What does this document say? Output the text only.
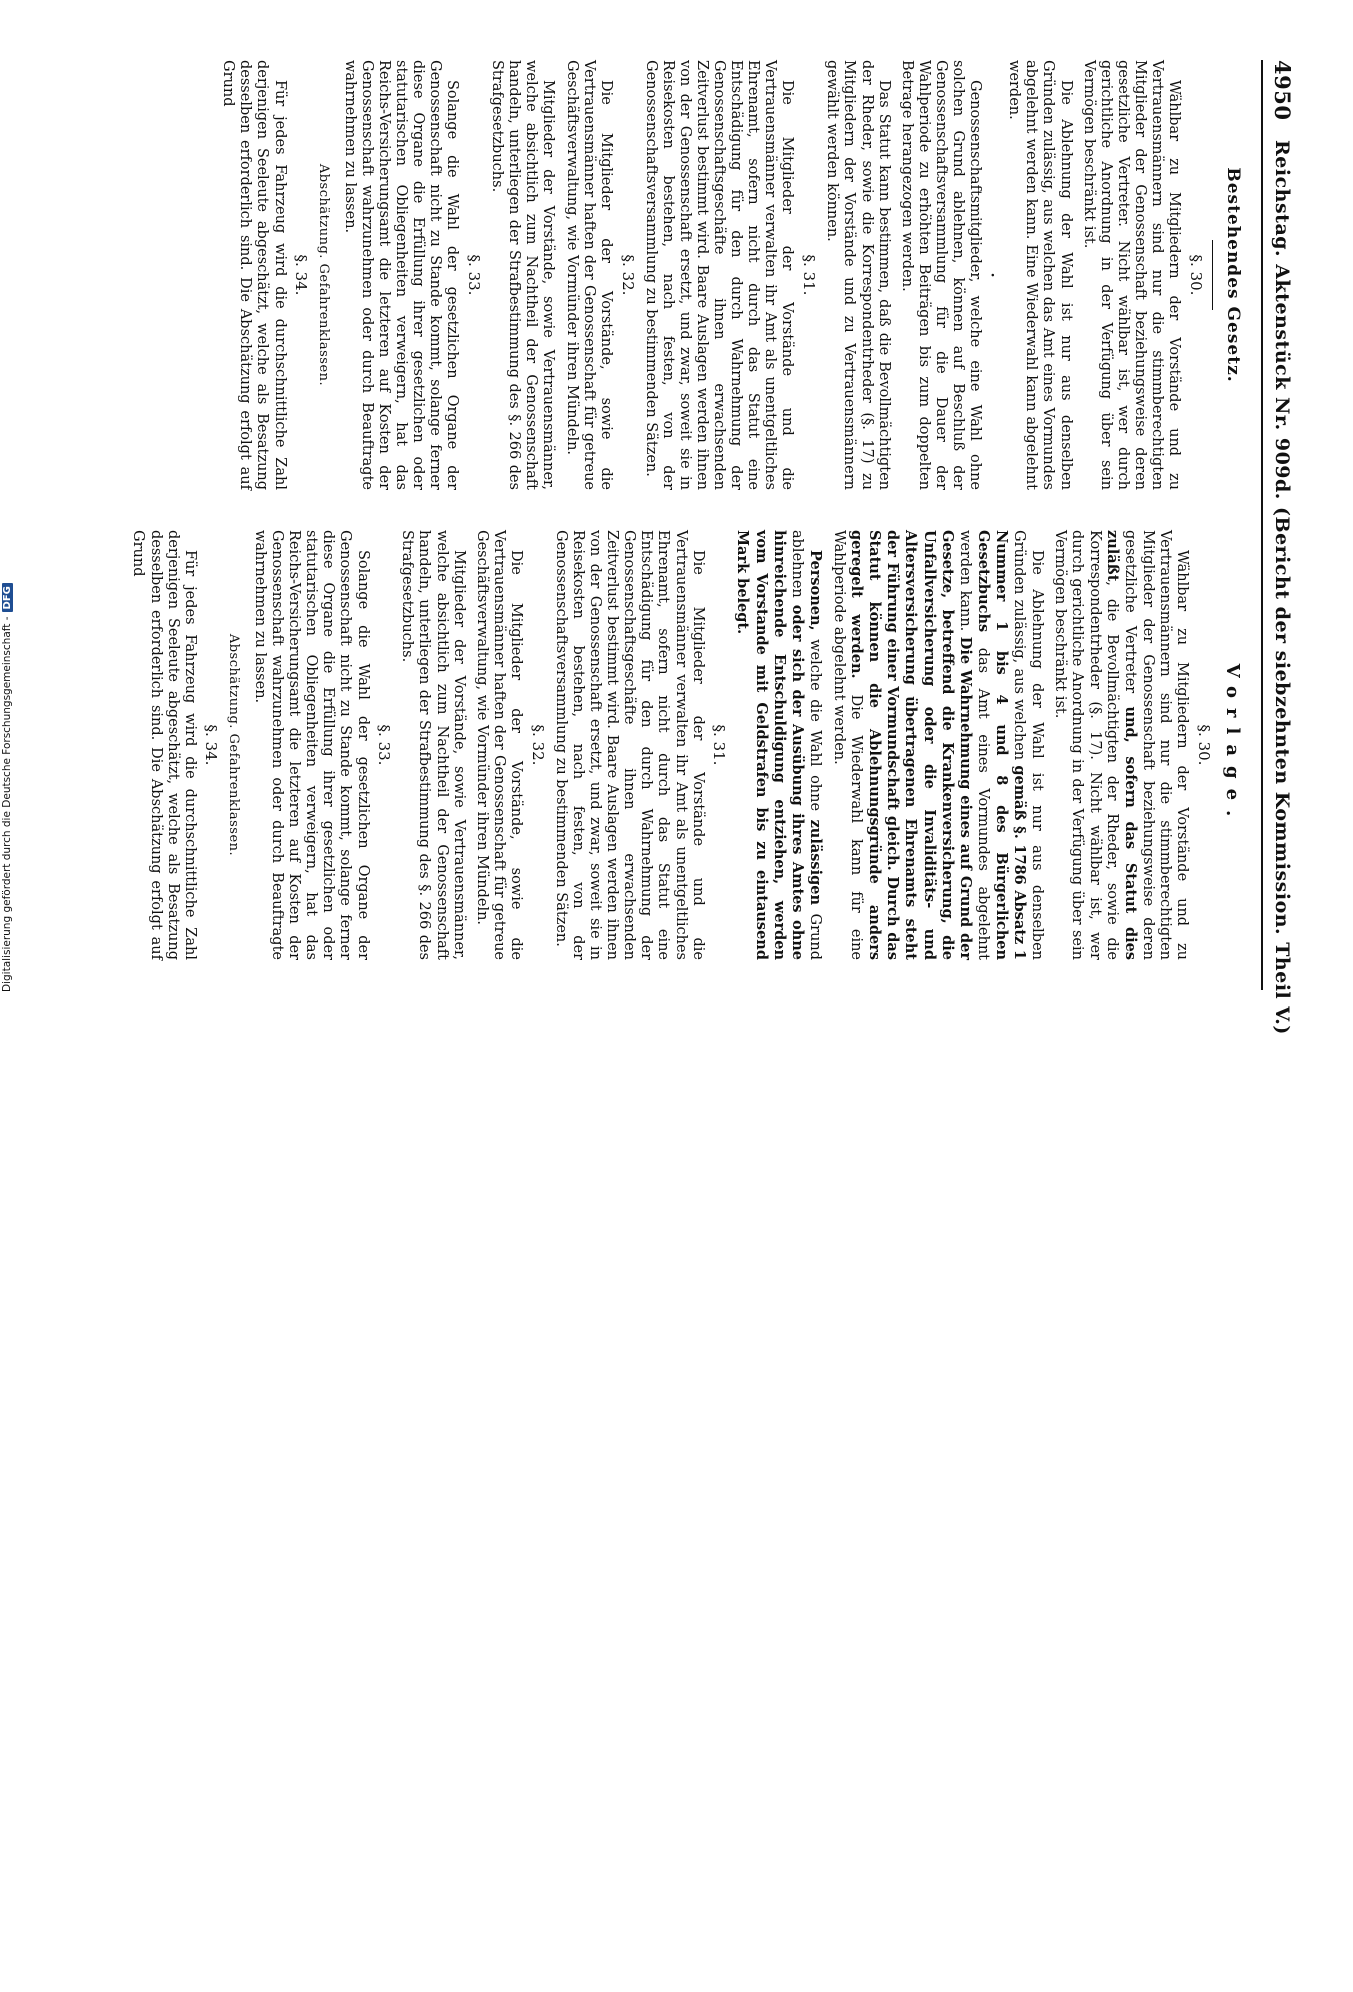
4950
Reichstag. Aktenstück Nr. 909d. (Bericht der siebzehnten Kommission. Theil V.)
Bestehendes Gesetz.
§. 30.

Wählbar zu Mitgliedern der Vorstände und zu Vertrauensmännern sind nur die stimmberechtigten Mitglieder der Genossenschaft beziehungsweise deren gesetzliche Vertreter. Nicht wählbar ist, wer durch gerichtliche Anordnung in der Verfügung über sein Vermögen beschränkt ist.

Die Ablehnung der Wahl ist nur aus denselben Gründen zulässig, aus welchen das Amt eines Vormundes abgelehnt werden kann. Eine Wiederwahl kann abgelehnt werden.

·

Genossenschaftsmitglieder, welche eine Wahl ohne solchen Grund ablehnen, können auf Beschluß der Genossenschaftsversammlung für die Dauer der Wahlperiode zu erhöhten Beiträgen bis zum doppelten Betrage herangezogen werden.

Das Statut kann bestimmen, daß die Bevollmächtigten der Rheder, sowie die Korrespondentrheder (§. 17) zu Mitgliedern der Vorstände und zu Vertrauensmännern gewählt werden können.

§. 31.

Die Mitglieder der Vorstände und die Vertrauensmänner verwalten ihr Amt als unentgeltliches Ehrenamt, sofern nicht durch das Statut eine Entschädigung für den durch Wahrnehmung der Genossenschaftsgeschäfte ihnen erwachsenden Zeitverlust bestimmt wird. Baare Auslagen werden ihnen von der Genossenschaft ersetzt, und zwar, soweit sie in Reisekosten bestehen, nach festen, von der Genossenschaftsversammlung zu bestimmenden Sätzen.

§. 32.

Die Mitglieder der Vorstände, sowie die Vertrauensmänner haften der Genossenschaft für getreue Geschäftsverwaltung, wie Vormünder ihren Mündeln.

Mitglieder der Vorstände, sowie Vertrauensmänner, welche absichtlich zum Nachtheil der Genossenschaft handeln, unterliegen der Strafbestimmung des §. 266 des Strafgesetzbuchs.

§. 33.

Solange die Wahl der gesetzlichen Organe der Genossenschaft nicht zu Stande kommt, solange ferner diese Organe die Erfüllung ihrer gesetzlichen oder statutarischen Obliegenheiten verweigern, hat das Reichs-Versicherungsamt die letzteren auf Kosten der Genossenschaft wahrzunehmen oder durch Beauftragte wahrnehmen zu lassen.

Abschätzung. Gefahrenklassen.
§. 34.

Für jedes Fahrzeug wird die durchschnittliche Zahl derjenigen Seeleute abgeschätzt, welche als Besatzung desselben erforderlich sind. Die Abschätzung erfolgt auf Grund

Vorlage.
§. 30.

Wählbar zu Mitgliedern der Vorstände und zu Vertrauensmännern sind nur die stimmberechtigten Mitglieder der Genossenschaft beziehungsweise deren gesetzliche Vertreter und, sofern das Statut dies zuläßt, die Bevollmächtigten der Rheder, sowie die Korrespondentrheder (§. 17). Nicht wählbar ist, wer durch gerichtliche Anordnung in der Verfügung über sein Vermögen beschränkt ist.

Die Ablehnung der Wahl ist nur aus denselben Gründen zulässig, aus welchen gemäß §. 1786 Absatz 1 Nummer 1 bis 4 und 8 des Bürgerlichen Gesetzbuchs das Amt eines Vormundes abgelehnt werden kann. Die Wahrnehmung eines auf Grund der Gesetze, betreffend die Krankenversicherung, die Unfallversicherung oder die Invaliditäts- und Altersversicherung übertragenen Ehrenamts steht der Führung einer Vormundschaft gleich. Durch das Statut können die Ablehnungsgründe anders geregelt werden. Die Wiederwahl kann für eine Wahlperiode abgelehnt werden.

Personen, welche die Wahl ohne zulässigen Grund ablehnen oder sich der Ausübung ihres Amtes ohne hinreichende Entschuldigung entziehen, werden vom Vorstande mit Geldstrafen bis zu eintausend Mark belegt.

§. 31.

Die Mitglieder der Vorstände und die Vertrauensmänner verwalten ihr Amt als unentgeltliches Ehrenamt, sofern nicht durch das Statut eine Entschädigung für den durch Wahrnehmung der Genossenschaftsgeschäfte ihnen erwachsenden Zeitverlust bestimmt wird. Baare Auslagen werden ihnen von der Genossenschaft ersetzt, und zwar, soweit sie in Reisekosten bestehen, nach festen, von der Genossenschaftsversammlung zu bestimmenden Sätzen.

§. 32.

Die Mitglieder der Vorstände, sowie die Vertrauensmänner haften der Genossenschaft für getreue Geschäftsverwaltung, wie Vormünder ihren Mündeln.

Mitglieder der Vorstände, sowie Vertrauensmänner, welche absichtlich zum Nachtheil der Genossenschaft handeln, unterliegen der Strafbestimmung des §. 266 des Strafgesetzbuchs.

§. 33.

Solange die Wahl der gesetzlichen Organe der Genossenschaft nicht zu Stande kommt, solange ferner diese Organe die Erfüllung ihrer gesetzlichen oder statutarischen Obliegenheiten verweigern, hat das Reichs-Versicherungsamt die letzteren auf Kosten der Genossenschaft wahrzunehmen oder durch Beauftragte wahrnehmen zu lassen.

Abschätzung. Gefahrenklassen.
§. 34.

Für jedes Fahrzeug wird die durchschnittliche Zahl derjenigen Seeleute abgeschätzt, welche als Besatzung desselben erforderlich sind. Die Abschätzung erfolgt auf Grund

Digitalisierung gefördert durch die Deutsche Forschungsgemeinschaft -DFG
